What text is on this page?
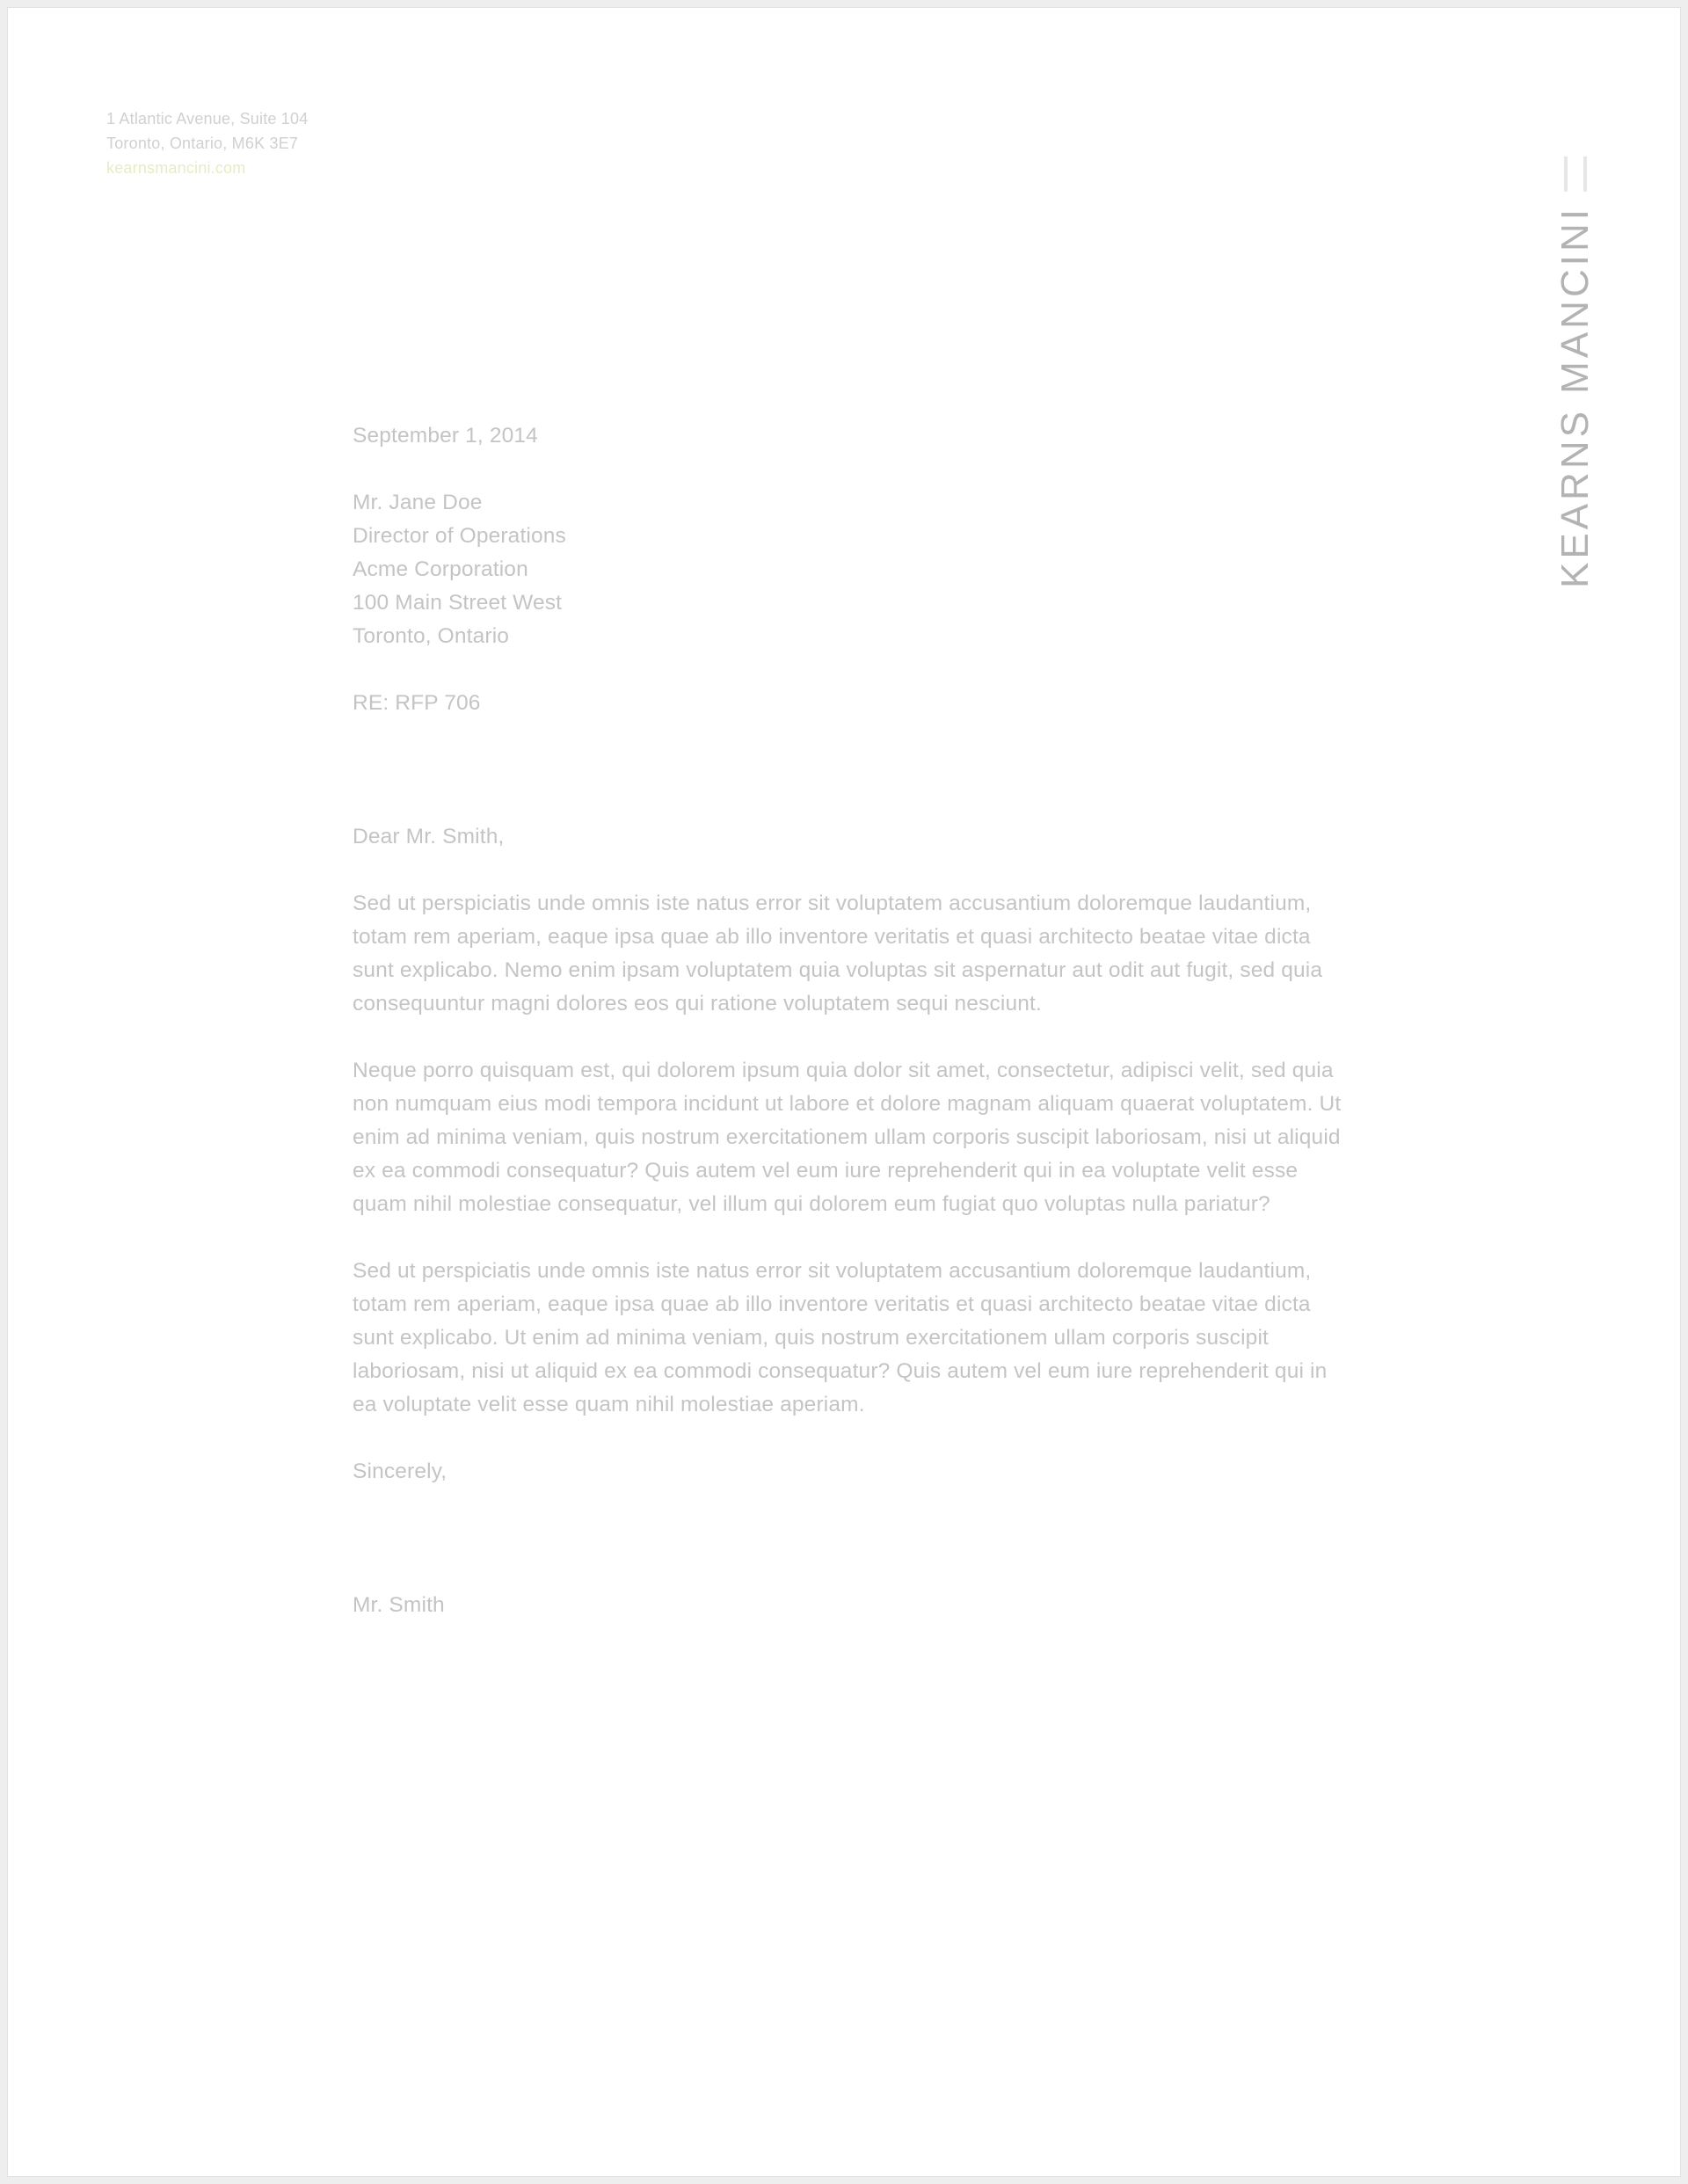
1 Atlantic Avenue, Suite 104
Toronto, Ontario, M6K 3E7
kearnsmancini.com
KEARNS MANCINI
September 1, 2014
Mr. Jane Doe
Director of Operations
Acme Corporation
100 Main Street West
Toronto, Ontario
RE: RFP 706
Dear Mr. Smith,

Sed ut perspiciatis unde omnis iste natus error sit voluptatem accusantium doloremque laudantium, totam rem aperiam, eaque ipsa quae ab illo inventore veritatis et quasi architecto beatae vitae dicta sunt explicabo. Nemo enim ipsam voluptatem quia voluptas sit aspernatur aut odit aut fugit, sed quia consequuntur magni dolores eos qui ratione voluptatem sequi nesciunt.

Neque porro quisquam est, qui dolorem ipsum quia dolor sit amet, consectetur, adipisci velit, sed quia non numquam eius modi tempora incidunt ut labore et dolore magnam aliquam quaerat voluptatem. Ut enim ad minima veniam, quis nostrum exercitationem ullam corporis suscipit laboriosam, nisi ut aliquid ex ea commodi consequatur? Quis autem vel eum iure reprehenderit qui in ea voluptate velit esse quam nihil molestiae consequatur, vel illum qui dolorem eum fugiat quo voluptas nulla pariatur?

Sed ut perspiciatis unde omnis iste natus error sit voluptatem accusantium doloremque laudantium, totam rem aperiam, eaque ipsa quae ab illo inventore veritatis et quasi architecto beatae vitae dicta sunt explicabo. Ut enim ad minima veniam, quis nostrum exercitationem ullam corporis suscipit laboriosam, nisi ut aliquid ex ea commodi consequatur? Quis autem vel eum iure reprehenderit qui in ea voluptate velit esse quam nihil molestiae aperiam.

Sincerely,
Mr. Smith
